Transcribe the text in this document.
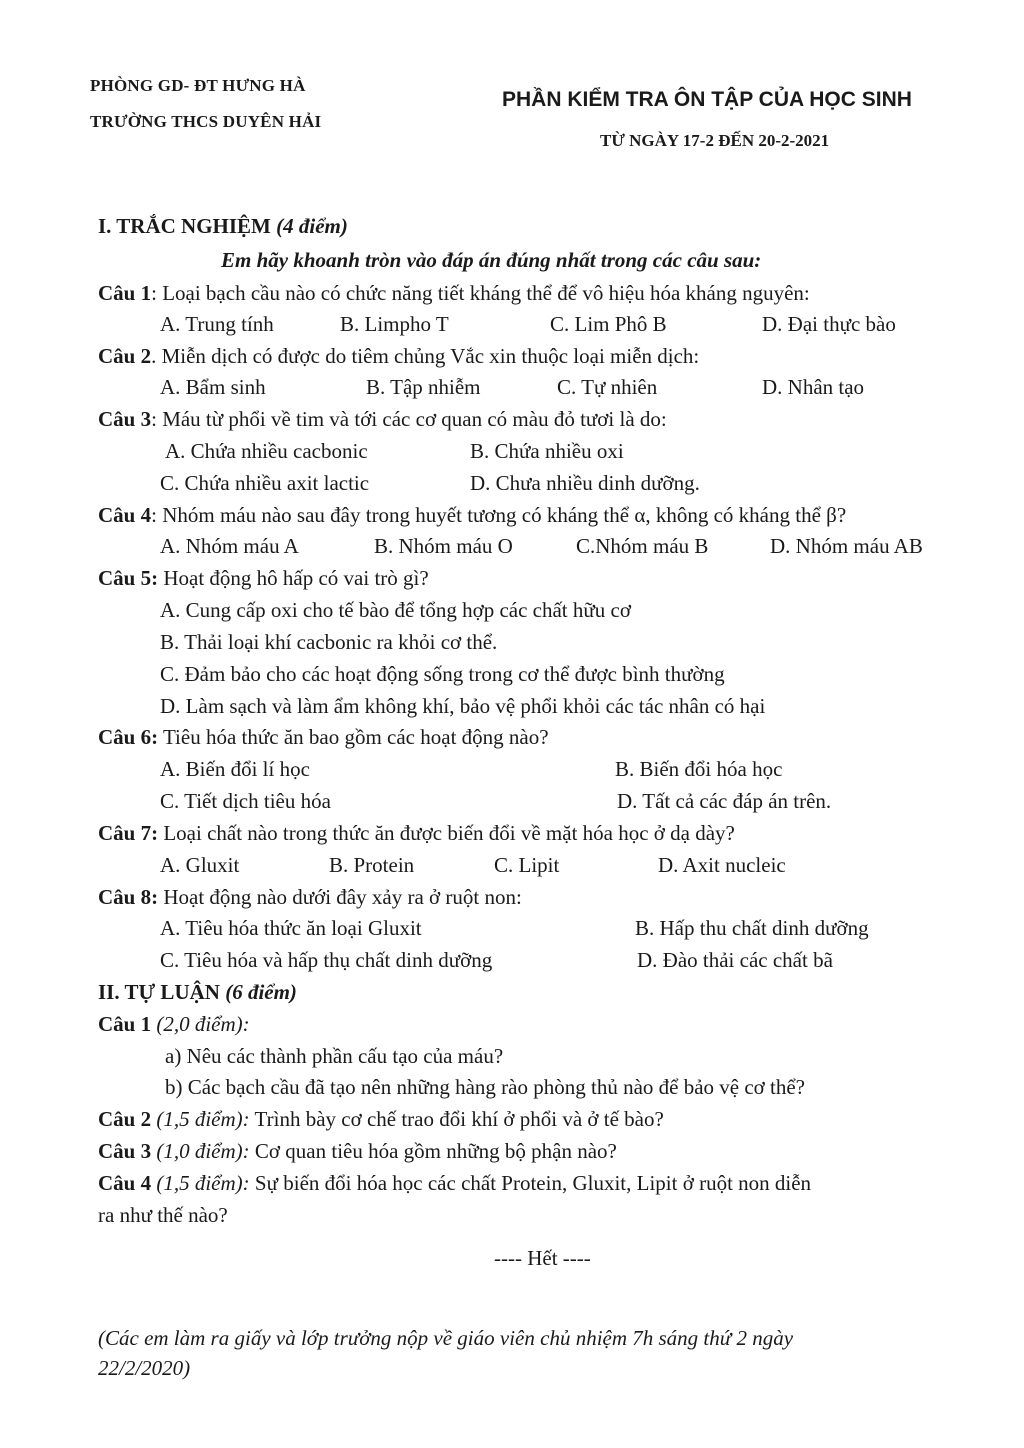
PHÒNG GD- ĐT HƯNG HÀ
TRƯỜNG THCS DUYÊN HẢI
PHẦN KIỂM TRA ÔN TẬP CỦA HỌC SINH
TỪ NGÀY 17-2 ĐẾN 20-2-2021
I. TRẮC NGHIỆM (4 điểm)
Em hãy khoanh tròn vào đáp án đúng nhất trong các câu sau:
Câu 1: Loại bạch cầu nào có chức năng tiết kháng thể để vô hiệu hóa kháng nguyên:
A. Trung tính	B. Limpho T	C. Lim Phô B	D. Đại thực bào
Câu 2. Miễn dịch có được do tiêm chủng Vắc xin thuộc loại miễn dịch:
A. Bẩm sinh	B. Tập nhiễm	C. Tự nhiên	D. Nhân tạo
Câu 3: Máu từ phổi về tim và tới các cơ quan có màu đỏ tươi là do:
A. Chứa nhiều cacbonic	B. Chứa nhiều oxi
C. Chứa nhiều axit lactic	D. Chưa nhiều dinh dưỡng.
Câu 4: Nhóm máu nào sau đây trong huyết tương có kháng thể α, không có kháng thể β?
A. Nhóm máu A	B. Nhóm máu O	C.Nhóm máu B	D. Nhóm máu AB
Câu 5: Hoạt động hô hấp có vai trò gì?
A. Cung cấp oxi cho tế bào để tổng hợp các chất hữu cơ
B. Thải loại khí cacbonic ra khỏi cơ thể.
C. Đảm bảo cho các hoạt động sống trong cơ thể được bình thường
D. Làm sạch và làm ẩm không khí, bảo vệ phổi khỏi các tác nhân có hại
Câu 6: Tiêu hóa thức ăn bao gồm các hoạt động nào?
A. Biến đổi lí học	B. Biến đổi hóa học
C. Tiết dịch tiêu hóa	D. Tất cả các đáp án trên.
Câu 7: Loại chất nào trong thức ăn được biến đổi về mặt hóa học ở dạ dày?
A. Gluxit	B. Protein	C. Lipit	D. Axit nucleic
Câu 8: Hoạt động nào dưới đây xảy ra ở ruột non:
A. Tiêu hóa thức ăn loại Gluxit	B. Hấp thu chất dinh dưỡng
C. Tiêu hóa và hấp thụ chất dinh dưỡng	D. Đào thải các chất bã
II. TỰ LUẬN (6 điểm)
Câu 1 (2,0 điểm):
a) Nêu các thành phần cấu tạo của máu?
b) Các bạch cầu đã tạo nên những hàng rào phòng thủ nào để bảo vệ cơ thể?
Câu 2 (1,5 điểm): Trình bày cơ chế trao đổi khí ở phổi và ở tế bào?
Câu 3 (1,0 điểm): Cơ quan tiêu hóa gồm những bộ phận nào?
Câu 4 (1,5 điểm): Sự biến đổi hóa học các chất Protein, Gluxit, Lipit ở ruột non diễn
ra như thế nào?
---- Hết ----
(Các em làm ra giấy và lớp trưởng nộp về giáo viên chủ nhiệm 7h sáng thứ 2 ngày
22/2/2020)
